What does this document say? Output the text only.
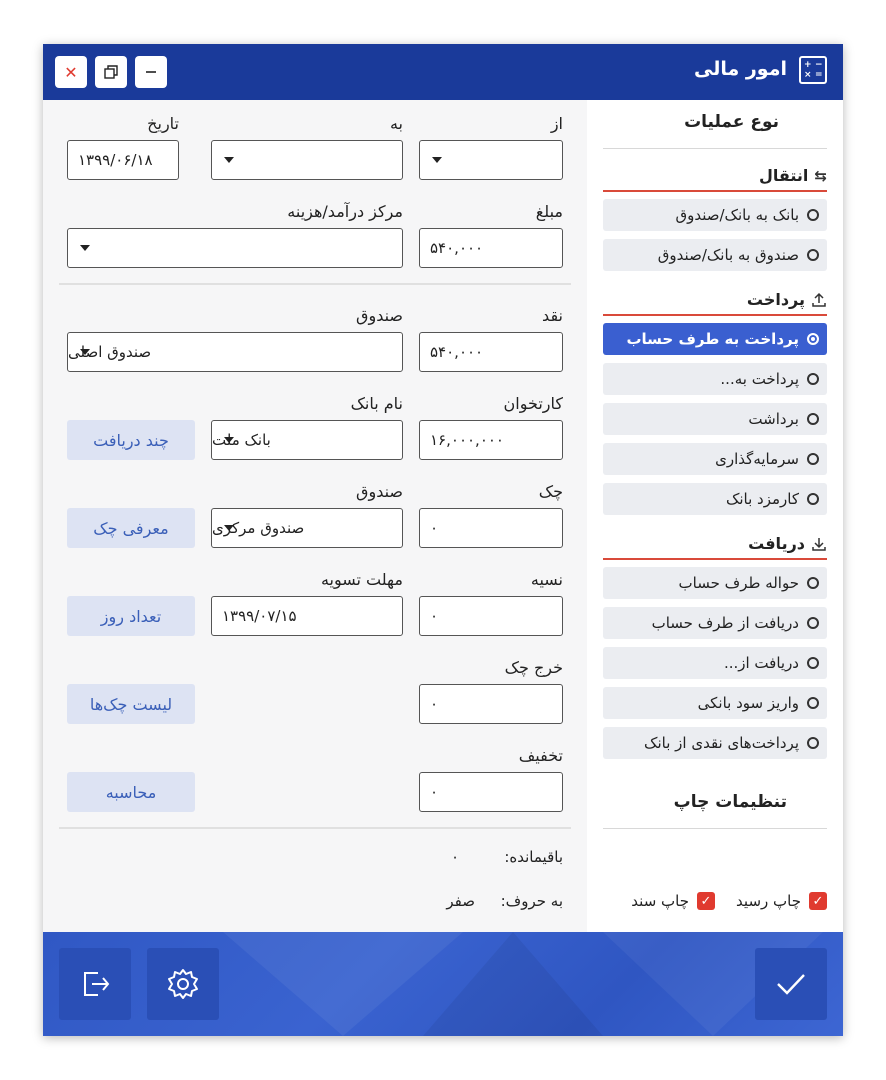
+ −
× =
امور مالی
✕
نوع عملیات
⇆
انتقال
بانک به بانک/صندوق
صندوق به بانک/صندوق
پرداخت
پرداخت به طرف حساب
پرداخت به...
برداشت
سرمایه‌گذاری
کارمزد بانک
دریافت
حواله طرف حساب
دریافت از طرف حساب
دریافت از...
واریز سود بانکی
پرداخت‌های نقدی از بانک
تنظیمات چاپ
✓
چاپ رسید
✓
چاپ سند
از
به
تاریخ
۱۳۹۹/۰۶/۱۸
مبلغ
مرکز درآمد/هزینه
۵۴۰,۰۰۰
نقد
صندوق
۵۴۰,۰۰۰
صندوق اصلی
کارتخوان
نام بانک
۱۶,۰۰۰,۰۰۰
بانک ملت
چند دریافت
چک
صندوق
۰
صندوق مرکزی
معرفی چک
نسیه
مهلت تسویه
۰
۱۳۹۹/۰۷/۱۵
تعداد روز
خرج چک
۰
لیست چک‌ها
تخفیف
۰
محاسبه
باقیمانده:
۰
به حروف:
صفر
